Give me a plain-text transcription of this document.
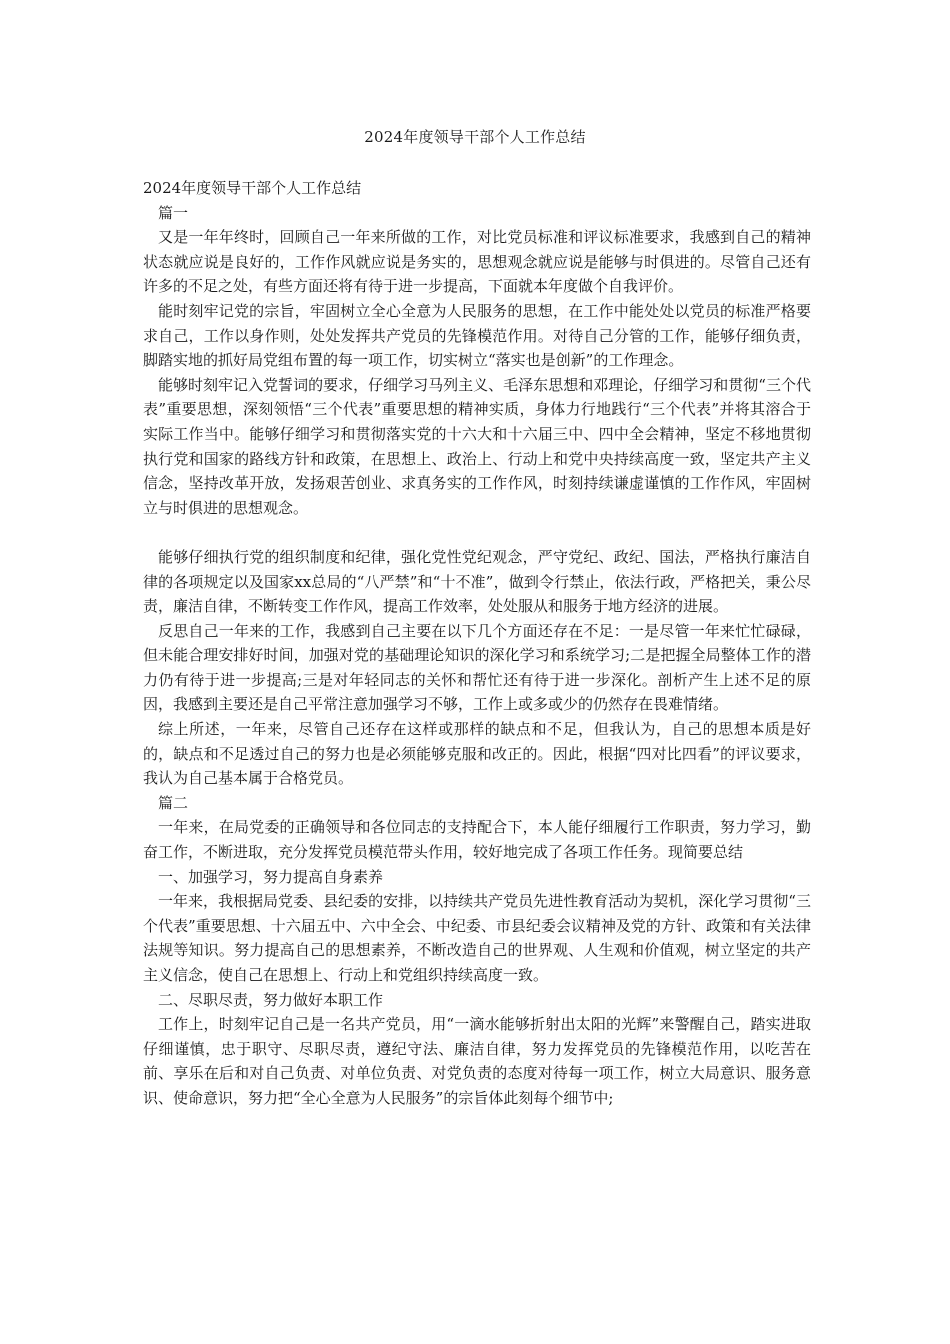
2024年度领导干部个人工作总结

2024年度领导干部个人工作总结

篇一

又是一年年终时，回顾自己一年来所做的工作，对比党员标准和评议标准要求，我感到自己的精神状态就应说是良好的，工作作风就应说是务实的，思想观念就应说是能够与时俱进的。尽管自己还有许多的不足之处，有些方面还将有待于进一步提高，下面就本年度做个自我评价。

能时刻牢记党的宗旨，牢固树立全心全意为人民服务的思想，在工作中能处处以党员的标准严格要求自己，工作以身作则，处处发挥共产党员的先锋模范作用。对待自己分管的工作，能够仔细负责，脚踏实地的抓好局党组布置的每一项工作，切实树立“落实也是创新”的工作理念。

能够时刻牢记入党誓词的要求，仔细学习马列主义、毛泽东思想和邓理论，仔细学习和贯彻“三个代表”重要思想，深刻领悟“三个代表”重要思想的精神实质，身体力行地践行“三个代表”并将其溶合于实际工作当中。能够仔细学习和贯彻落实党的十六大和十六届三中、四中全会精神，坚定不移地贯彻执行党和国家的路线方针和政策，在思想上、政治上、行动上和党中央持续高度一致，坚定共产主义信念，坚持改革开放，发扬艰苦创业、求真务实的工作作风，时刻持续谦虚谨慎的工作作风，牢固树立与时俱进的思想观念。

能够仔细执行党的组织制度和纪律，强化党性党纪观念，严守党纪、政纪、国法，严格执行廉洁自律的各项规定以及国家xx总局的“八严禁”和“十不准”，做到令行禁止，依法行政，严格把关，秉公尽责，廉洁自律，不断转变工作作风，提高工作效率，处处服从和服务于地方经济的进展。

反思自己一年来的工作，我感到自己主要在以下几个方面还存在不足：一是尽管一年来忙忙碌碌，但未能合理安排好时间，加强对党的基础理论知识的深化学习和系统学习;二是把握全局整体工作的潜力仍有待于进一步提高;三是对年轻同志的关怀和帮忙还有待于进一步深化。剖析产生上述不足的原因，我感到主要还是自己平常注意加强学习不够，工作上或多或少的仍然存在畏难情绪。

综上所述，一年来，尽管自己还存在这样或那样的缺点和不足，但我认为，自己的思想本质是好的，缺点和不足透过自己的努力也是必须能够克服和改正的。因此，根据“四对比四看”的评议要求，我认为自己基本属于合格党员。

篇二

一年来，在局党委的正确领导和各位同志的支持配合下，本人能仔细履行工作职责，努力学习，勤奋工作，不断进取，充分发挥党员模范带头作用，较好地完成了各项工作任务。现简要总结

一、加强学习，努力提高自身素养

一年来，我根据局党委、县纪委的安排，以持续共产党员先进性教育活动为契机，深化学习贯彻“三个代表”重要思想、十六届五中、六中全会、中纪委、市县纪委会议精神及党的方针、政策和有关法律法规等知识。努力提高自己的思想素养，不断改造自己的世界观、人生观和价值观，树立坚定的共产主义信念，使自己在思想上、行动上和党组织持续高度一致。

二、尽职尽责，努力做好本职工作

工作上，时刻牢记自己是一名共产党员，用“一滴水能够折射出太阳的光辉”来警醒自己，踏实进取仔细谨慎，忠于职守、尽职尽责，遵纪守法、廉洁自律，努力发挥党员的先锋模范作用，以吃苦在前、享乐在后和对自己负责、对单位负责、对党负责的态度对待每一项工作，树立大局意识、服务意识、使命意识，努力把“全心全意为人民服务”的宗旨体此刻每个细节中;
